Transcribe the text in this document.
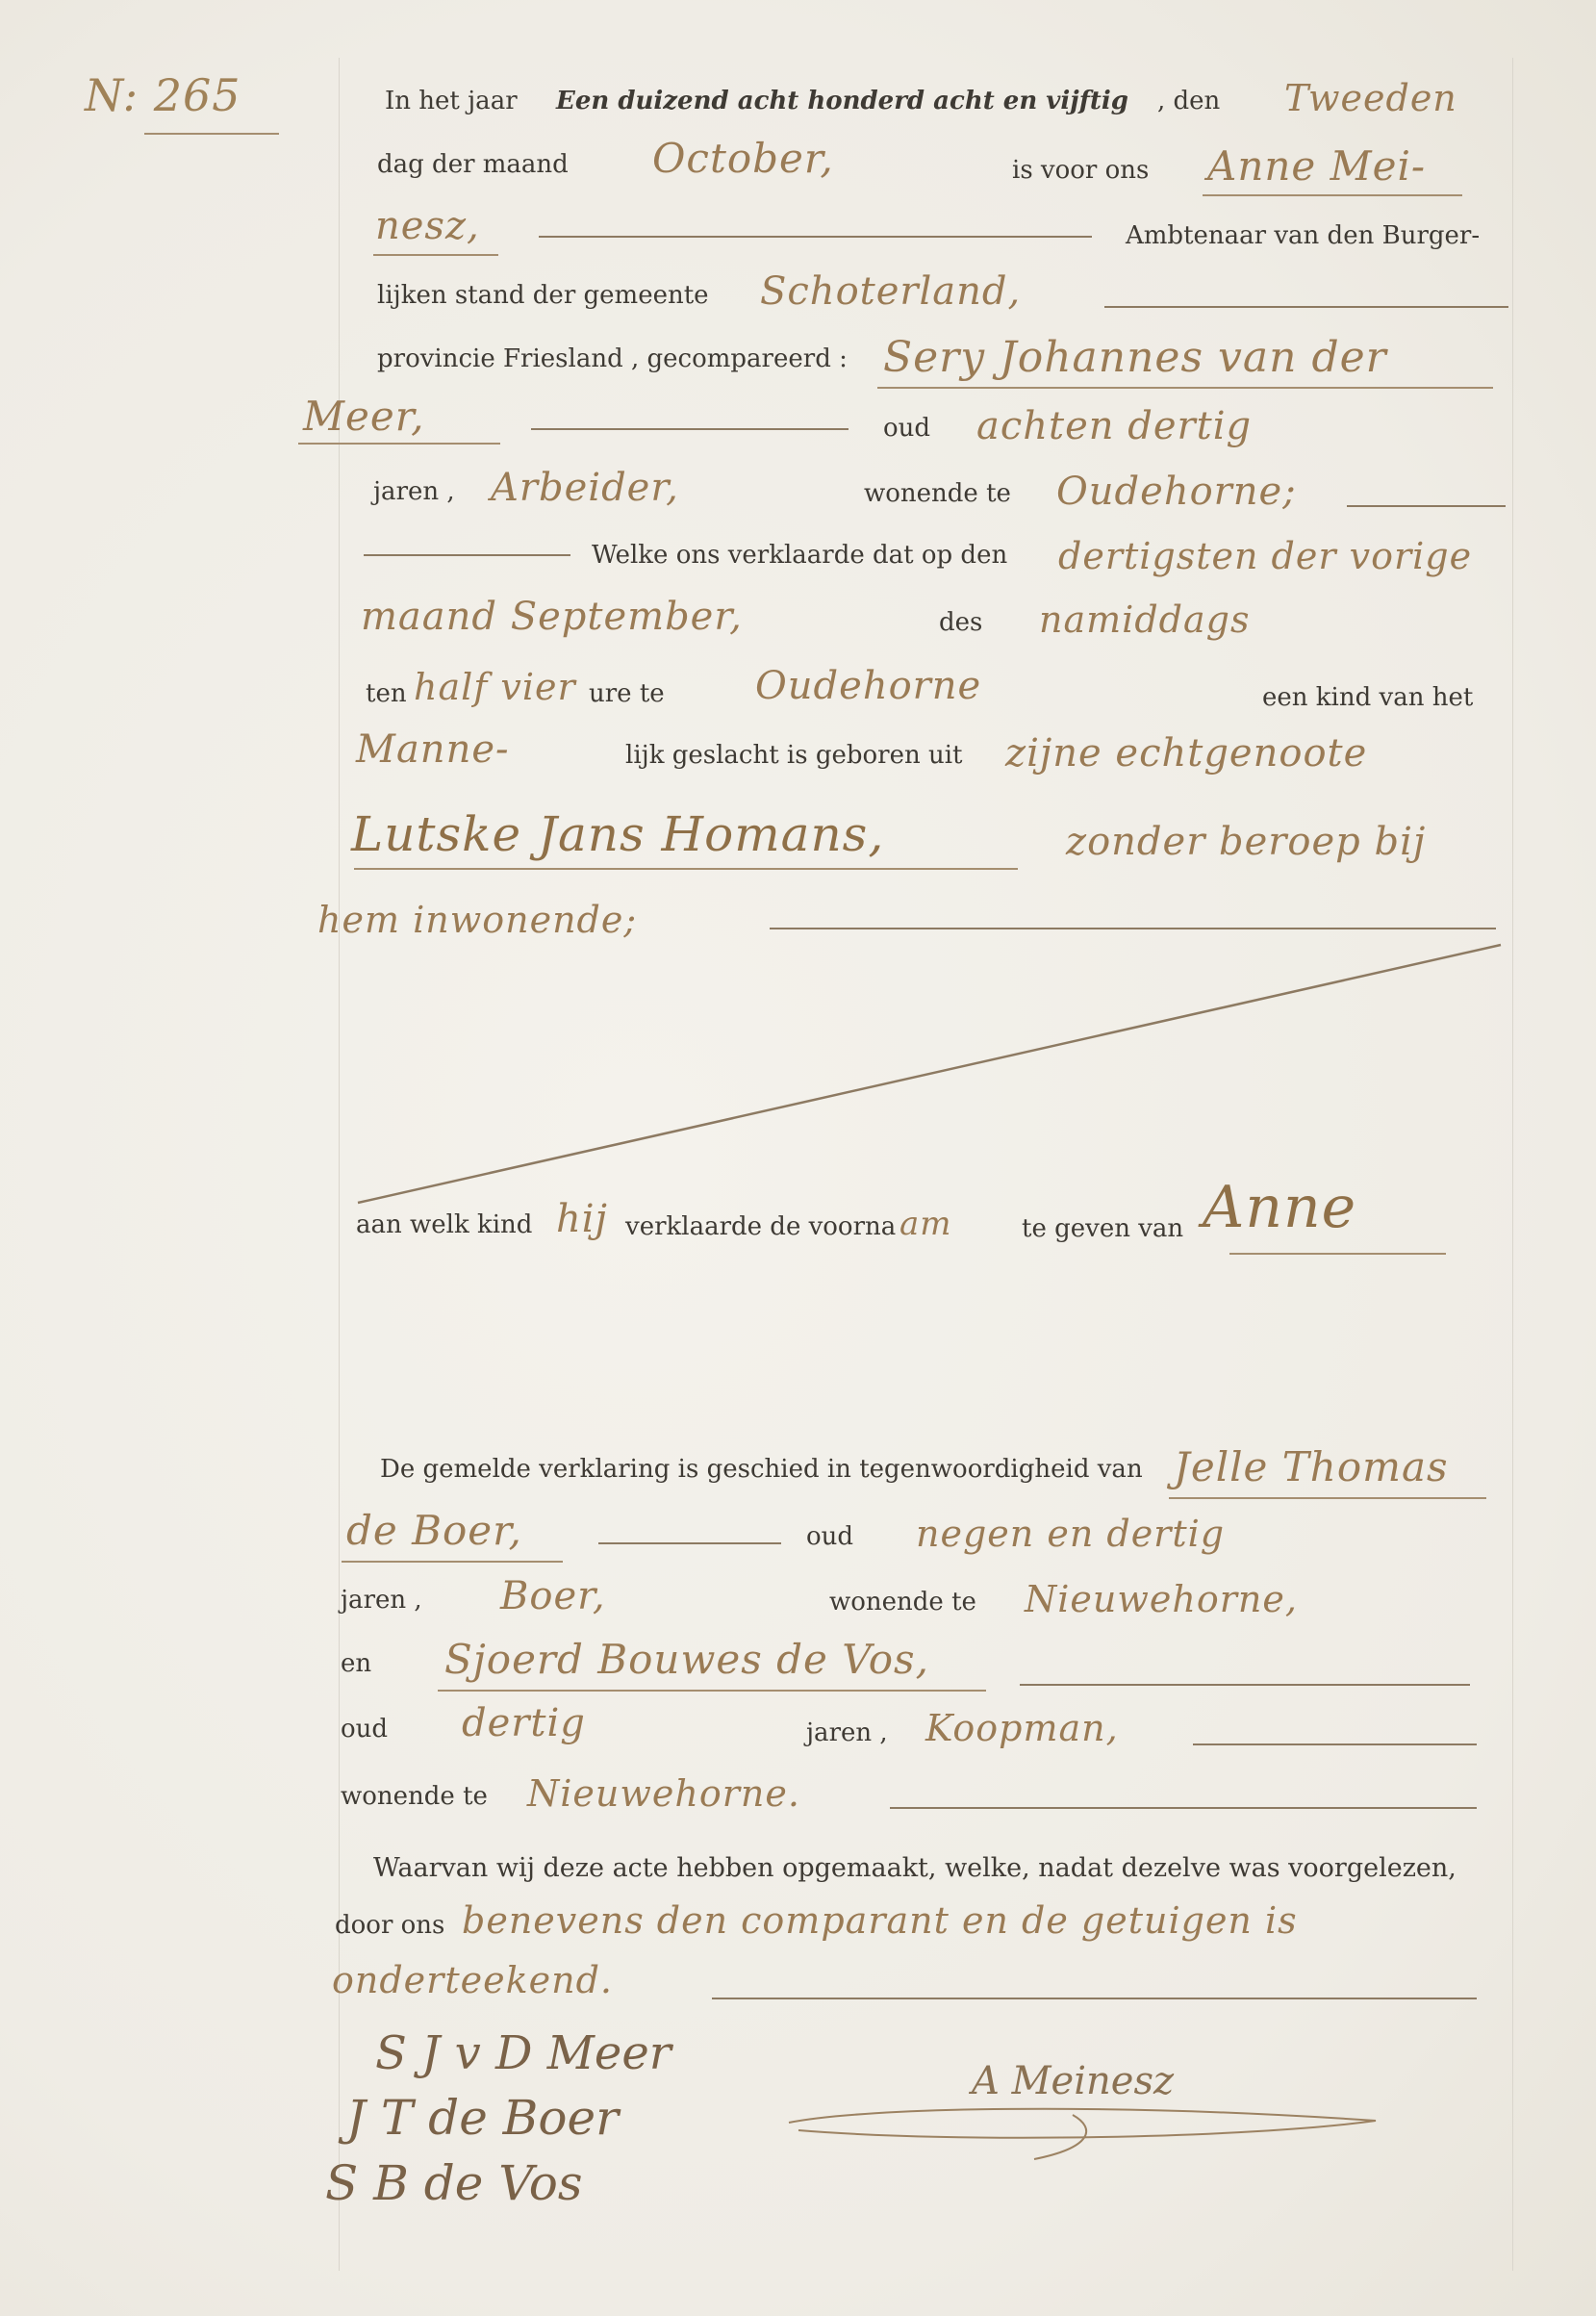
N: 265	In het jaar Een duizend acht honderd acht en vijftig , den Tweeden
dag der maand October,	is voor ons Anne Mei-
nesz,	Ambtenaar van den Burger-
lijken stand der gemeente Schoterland,
provincie Friesland , gecompareerd : Sery Johannes van der
Meer,	oud achten dertig
jaren , Arbeider,	wonende te Oudehorne;
Welke ons verklaarde dat op den dertigsten der vorige
maand September,	des namiddags
ten half vier ure te Oudehorne	een kind van het
Manne-	lijk geslacht is geboren uit zijne echtgenoote
Lutske Jans Homans,	zonder beroep bij
hem inwonende;
aan welk kind hij verklaarde de voorna am	te geven van Anne
De gemelde verklaring is geschied in tegenwoordigheid van Jelle Thomas
de Boer,	oud negen en dertig
jaren , Boer,	wonende te Nieuwehorne,
en Sjoerd Bouwes de Vos,
oud dertig	jaren , Koopman,
wonende te Nieuwehorne.
Waarvan wij deze acte hebben opgemaakt, welke, nadat dezelve was voorgelezen,
door ons benevens den comparant en de getuigen is
onderteekend.
S J v D Meer
J T de Boer
S B de Vos
A Meinesz
